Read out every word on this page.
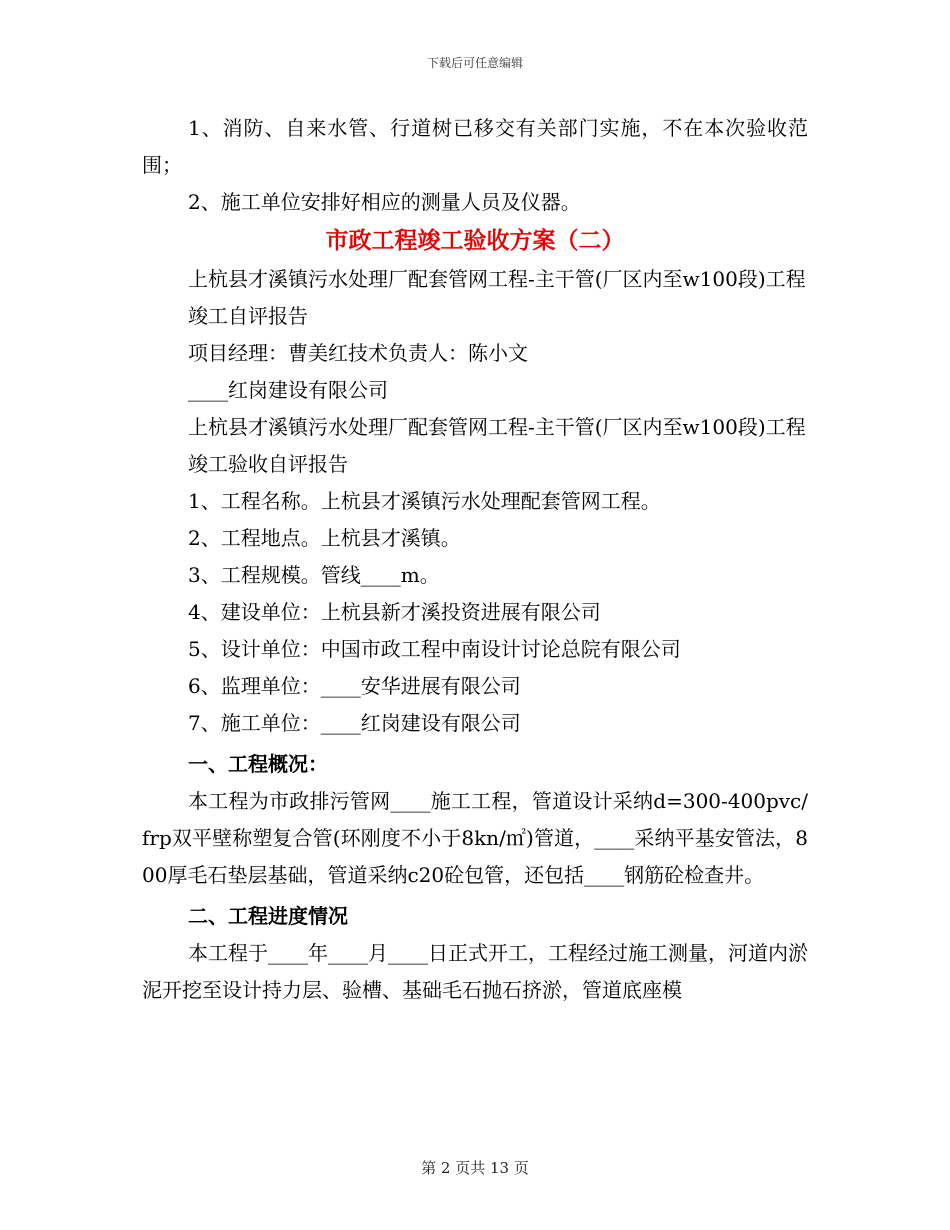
下载后可任意编辑

1、消防、自来水管、行道树已移交有关部门实施，不在本次验收范围；

2、施工单位安排好相应的测量人员及仪器。

市政工程竣工验收方案（二）

上杭县才溪镇污水处理厂配套管网工程-主干管(厂区内至w100段)工程

竣工自评报告

项目经理：曹美红技术负责人：陈小文

____红岗建设有限公司

上杭县才溪镇污水处理厂配套管网工程-主干管(厂区内至w100段)工程

竣工验收自评报告

1、工程名称。上杭县才溪镇污水处理配套管网工程。

2、工程地点。上杭县才溪镇。

3、工程规模。管线____m。

4、建设单位：上杭县新才溪投资进展有限公司

5、设计单位：中国市政工程中南设计讨论总院有限公司

6、监理单位：____安华进展有限公司

7、施工单位：____红岗建设有限公司

一、工程概况：

本工程为市政排污管网____施工工程，管道设计采纳d=300-400pvc/frp双平壁称塑复合管(环刚度不小于8kn/㎡)管道，____采纳平基安管法，800厚毛石垫层基础，管道采纳c20砼包管，还包括____钢筋砼检查井。

二、工程进度情况

本工程于____年____月____日正式开工，工程经过施工测量，河道内淤泥开挖至设计持力层、验槽、基础毛石抛石挤淤，管道底座模

第 2 页共 13 页
